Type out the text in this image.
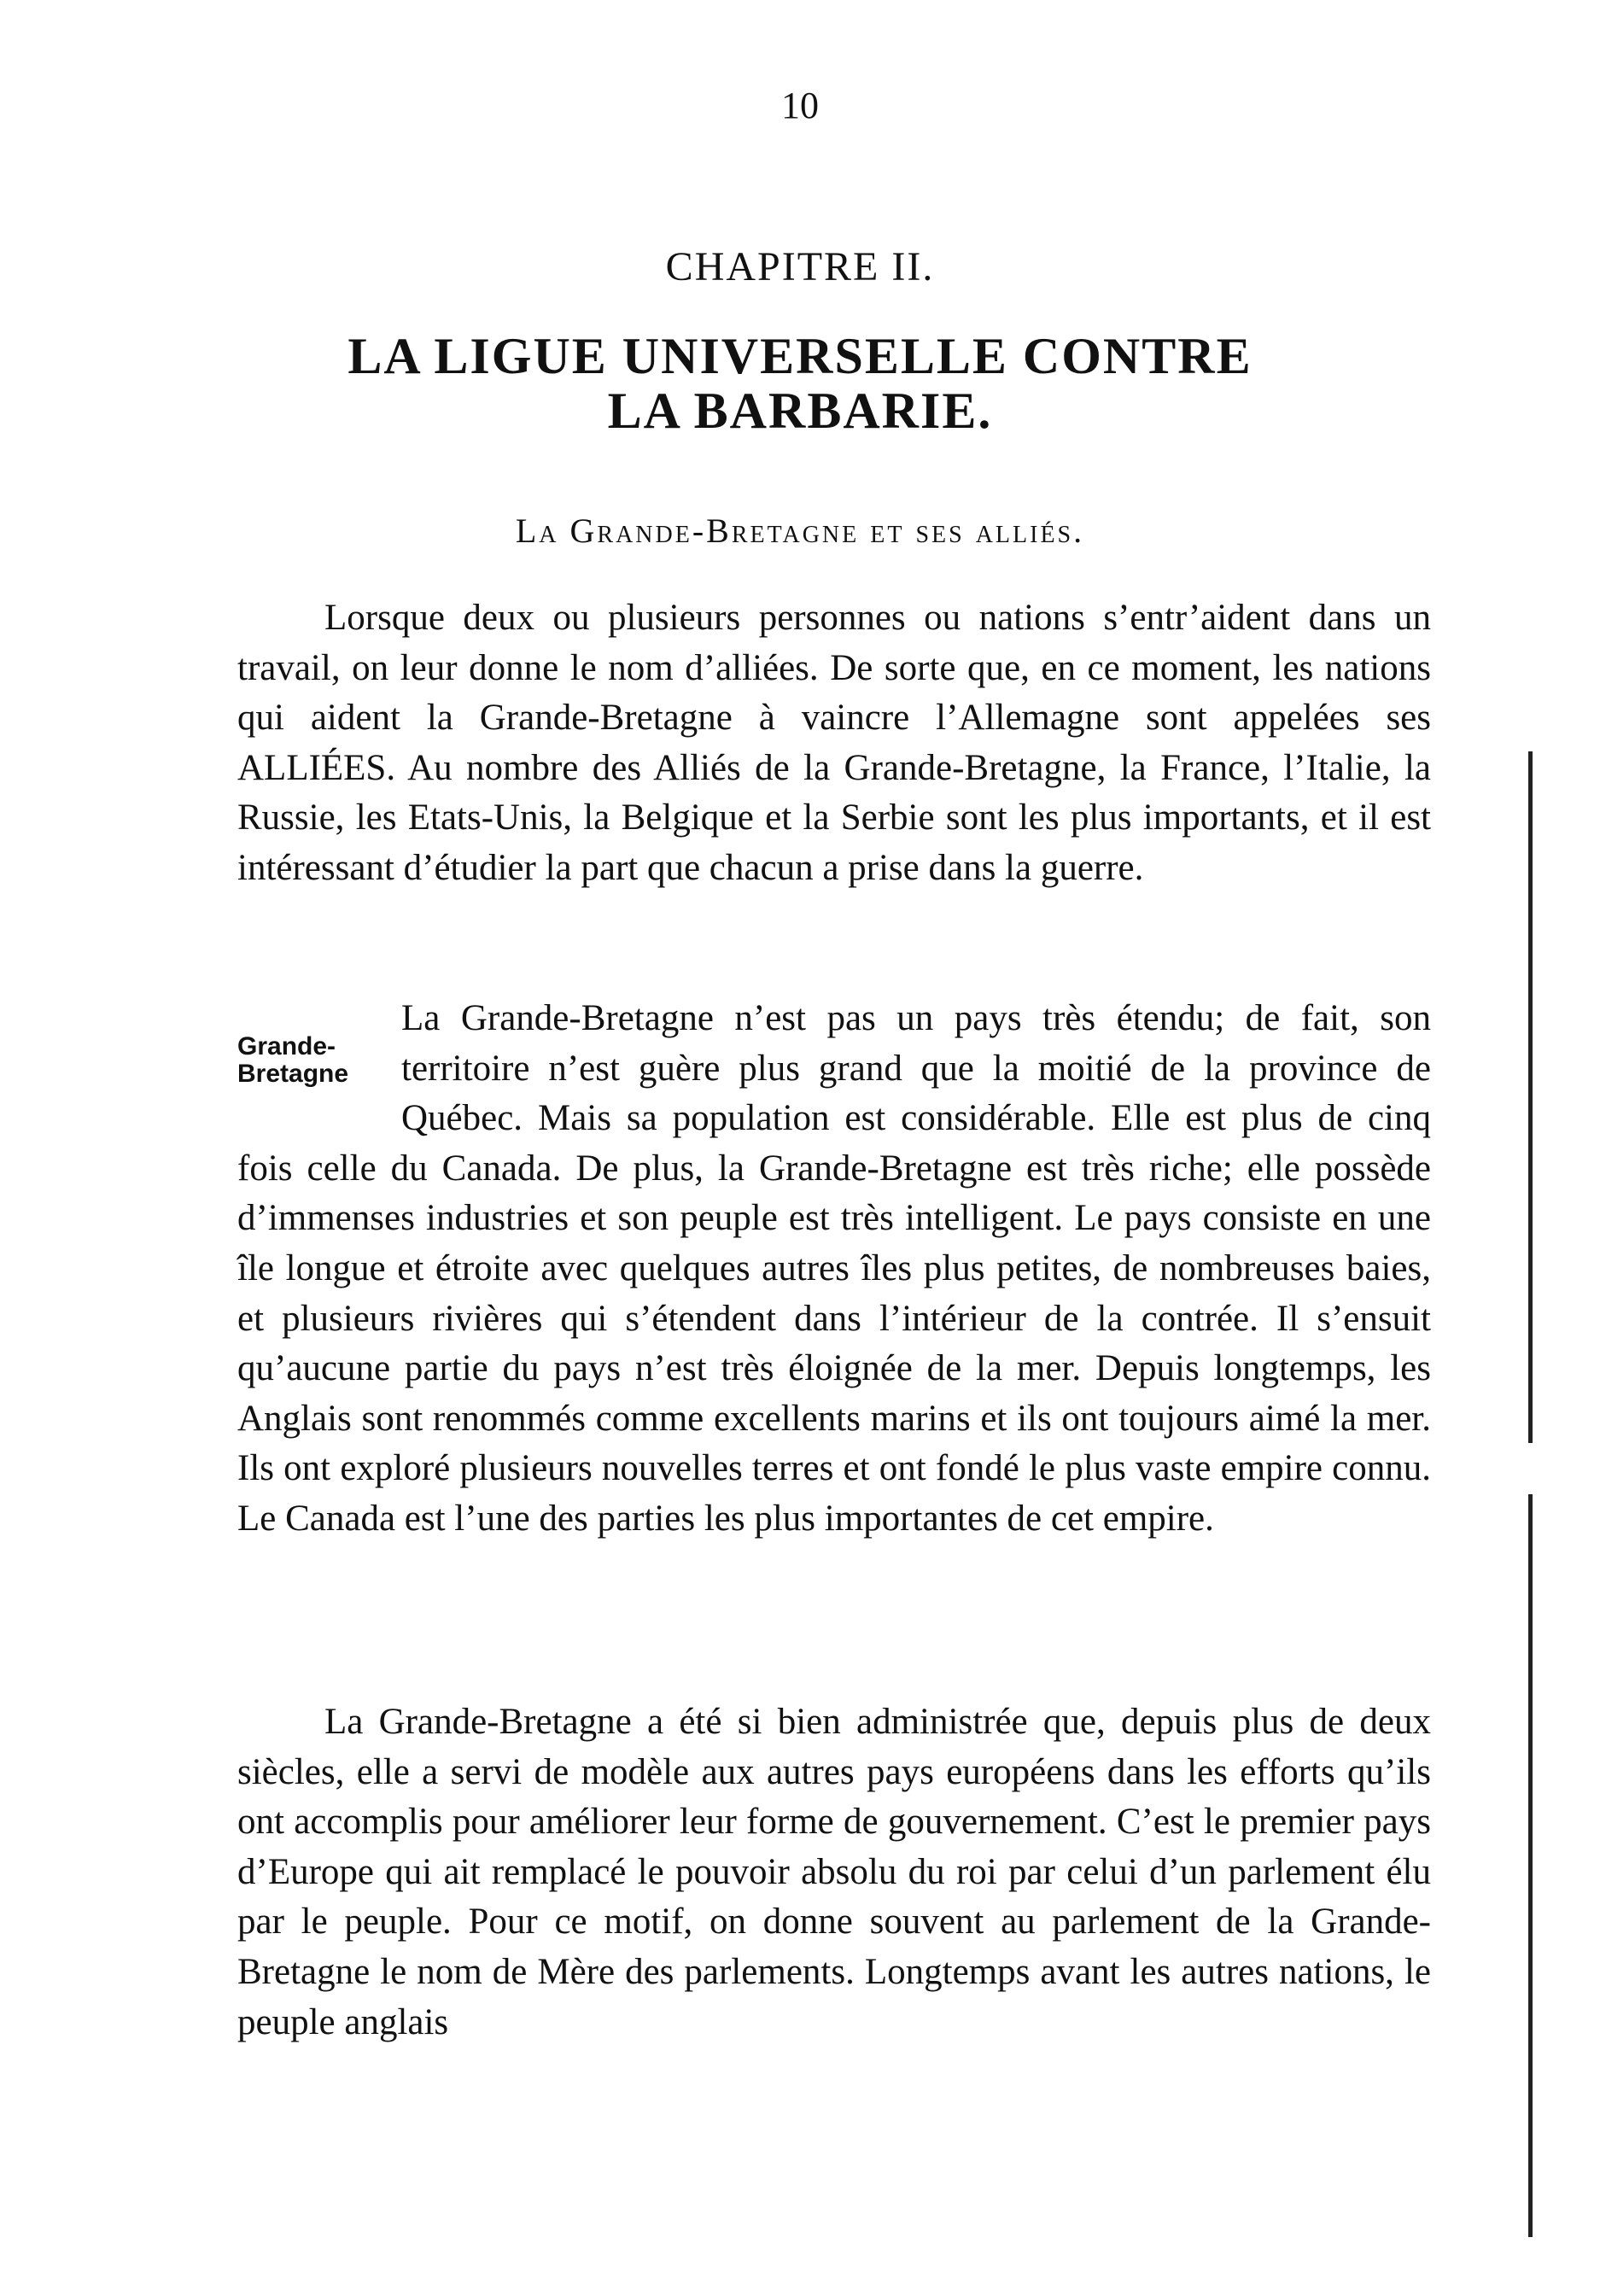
10
CHAPITRE II.
LA LIGUE UNIVERSELLE CONTRE
LA BARBARIE.
La Grande-Bretagne et ses alliés.

Lorsque deux ou plusieurs personnes ou nations s’entr’aident dans un travail, on leur donne le nom d’alliées. De sorte que, en ce moment, les nations qui aident la Grande-Bretagne à vaincre l’Allemagne sont appelées ses ALLIÉES. Au nombre des Alliés de la Grande-Bretagne, la France, l’Italie, la Russie, les Etats-Unis, la Belgique et la Serbie sont les plus importants, et il est intéressant d’étudier la part que chacun a prise dans la guerre.

Grande-
Bretagne

La Grande-Bretagne n’est pas un pays très étendu; de fait, son territoire n’est guère plus grand que la moitié de la province de Québec. Mais sa population est considérable. Elle est plus de cinq fois celle du Canada. De plus, la Grande-Bretagne est très riche; elle possède d’immenses industries et son peuple est très intelligent. Le pays consiste en une île longue et étroite avec quelques autres îles plus petites, de nombreuses baies, et plusieurs rivières qui s’étendent dans l’intérieur de la contrée. Il s’ensuit qu’aucune partie du pays n’est très éloignée de la mer. Depuis longtemps, les Anglais sont renommés comme excellents marins et ils ont toujours aimé la mer. Ils ont exploré plusieurs nouvelles terres et ont fondé le plus vaste empire connu. Le Canada est l’une des parties les plus importantes de cet empire.

La Grande-Bretagne a été si bien administrée que, depuis plus de deux siècles, elle a servi de modèle aux autres pays européens dans les efforts qu’ils ont accomplis pour améliorer leur forme de gouvernement. C’est le premier pays d’Europe qui ait remplacé le pouvoir absolu du roi par celui d’un parlement élu par le peuple. Pour ce motif, on donne souvent au parlement de la Grande-Bretagne le nom de Mère des parlements. Longtemps avant les autres nations, le peuple anglais
